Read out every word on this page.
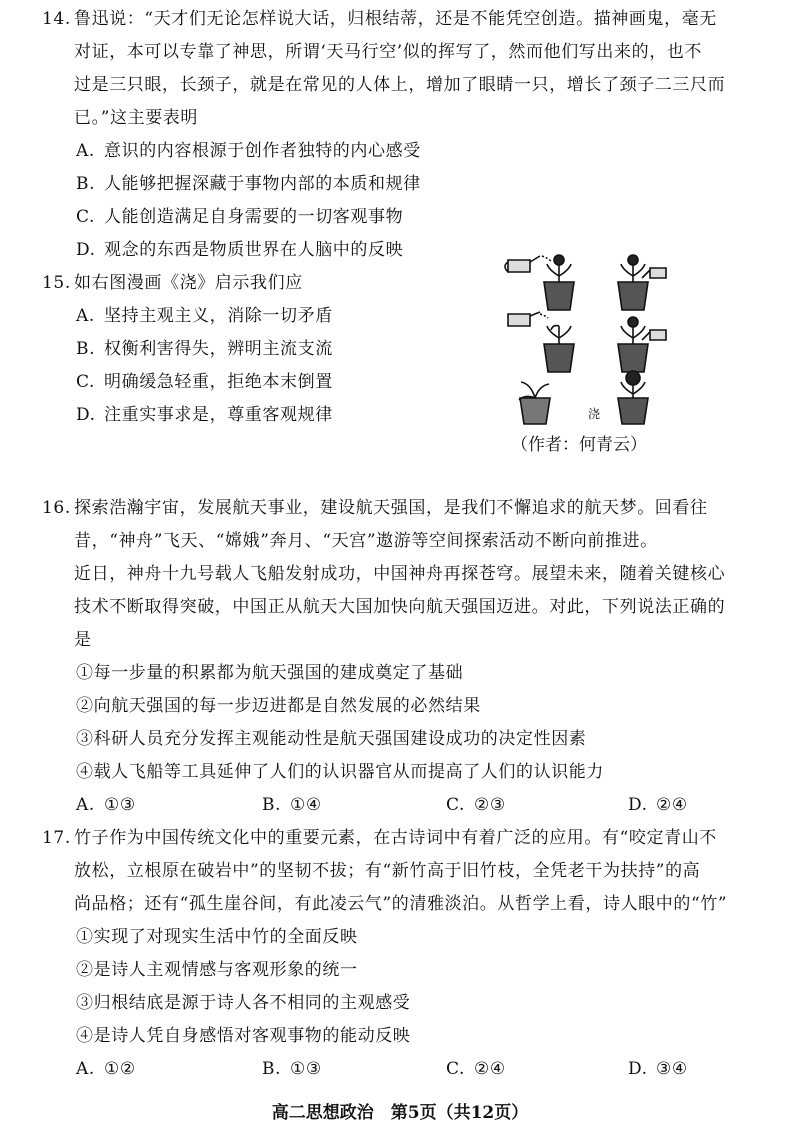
14. 鲁迅说：“天才们无论怎样说大话，归根结蒂，还是不能凭空创造。描神画鬼，毫无
对证，本可以专靠了神思，所谓‘天马行空’似的挥写了，然而他们写出来的，也不
过是三只眼，长颈子，就是在常见的人体上，增加了眼睛一只，增长了颈子二三尺而
已。”这主要表明
A. 意识的内容根源于创作者独特的内心感受
B. 人能够把握深藏于事物内部的本质和规律
C. 人能创造满足自身需要的一切客观事物
D. 观念的东西是物质世界在人脑中的反映
15. 如右图漫画《浇》启示我们应
A. 坚持主观主义，消除一切矛盾
B. 权衡利害得失，辨明主流支流
C. 明确缓急轻重，拒绝本末倒置
D. 注重实事求是，尊重客观规律	浇
（作者：何青云）
16. 探索浩瀚宇宙，发展航天事业，建设航天强国，是我们不懈追求的航天梦。回看往
昔，“神舟”飞天、“嫦娥”奔月、“天宫”遨游等空间探索活动不断向前推进。
近日，神舟十九号载人飞船发射成功，中国神舟再探苍穹。展望未来，随着关键核心
技术不断取得突破，中国正从航天大国加快向航天强国迈进。对此，下列说法正确的
是
①每一步量的积累都为航天强国的建成奠定了基础
②向航天强国的每一步迈进都是自然发展的必然结果
③科研人员充分发挥主观能动性是航天强国建设成功的决定性因素
④载人飞船等工具延伸了人们的认识器官从而提高了人们的认识能力
A. ①③	B. ①④	C. ②③	D. ②④
17. 竹子作为中国传统文化中的重要元素，在古诗词中有着广泛的应用。有“咬定青山不
放松，立根原在破岩中”的坚韧不拔；有“新竹高于旧竹枝，全凭老干为扶持”的高
尚品格；还有“孤生崖谷间，有此凌云气”的清雅淡泊。从哲学上看，诗人眼中的“竹”
①实现了对现实生活中竹的全面反映
②是诗人主观情感与客观形象的统一
③归根结底是源于诗人各不相同的主观感受
④是诗人凭自身感悟对客观事物的能动反映
A. ①②	B. ①③	C. ②④	D. ③④
高二思想政治　第5页（共12页）
